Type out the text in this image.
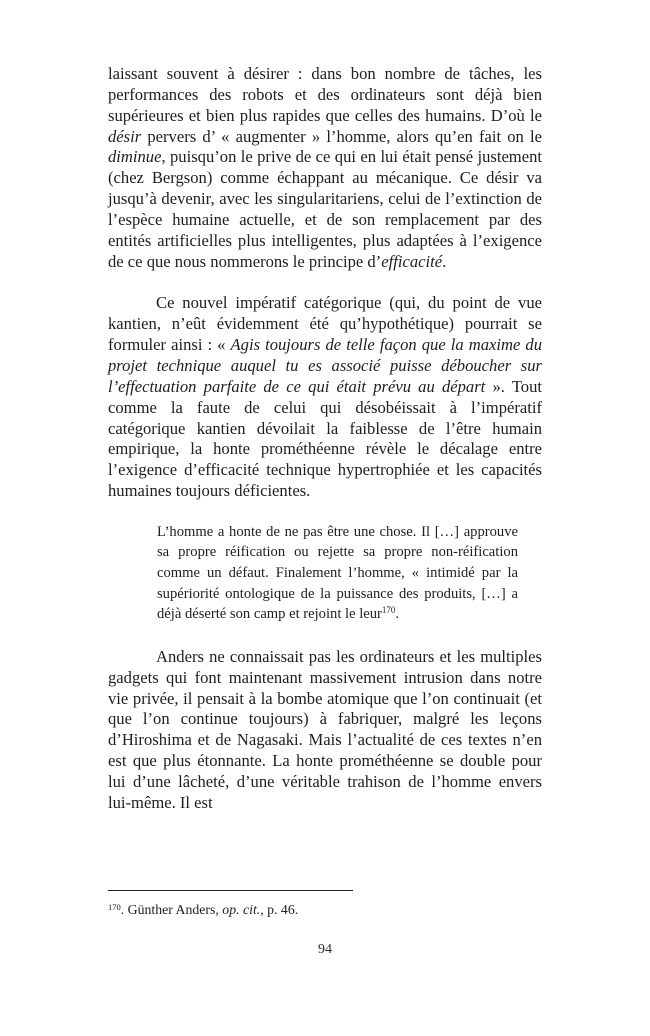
laissant souvent à désirer : dans bon nombre de tâches, les performances des robots et des ordinateurs sont déjà bien supérieures et bien plus rapides que celles des humains. D’où le désir pervers d’ « augmenter » l’homme, alors qu’en fait on le diminue, puisqu’on le prive de ce qui en lui était pensé justement (chez Bergson) comme échappant au mécanique. Ce désir va jusqu’à devenir, avec les singularitariens, celui de l’extinction de l’espèce humaine actuelle, et de son remplacement par des entités artificielles plus intelligentes, plus adaptées à l’exigence de ce que nous nommerons le principe d’efficacité.

Ce nouvel impératif catégorique (qui, du point de vue kantien, n’eût évidemment été qu’hypothétique) pourrait se formuler ainsi : « Agis toujours de telle façon que la maxime du projet technique auquel tu es associé puisse déboucher sur l’effectuation parfaite de ce qui était prévu au départ ». Tout comme la faute de celui qui désobéissait à l’impératif catégorique kantien dévoilait la faiblesse de l’être humain empirique, la honte prométhéenne révèle le décalage entre l’exigence d’efficacité technique hypertrophiée et les capacités humaines toujours déficientes.

L’homme a honte de ne pas être une chose. Il […] approuve sa propre réification ou rejette sa propre non-réification comme un défaut. Finalement l’homme, « intimidé par la supériorité ontologique de la puissance des produits, […] a déjà déserté son camp et rejoint le leur$^{170}$.

Anders ne connaissait pas les ordinateurs et les multiples gadgets qui font maintenant massivement intrusion dans notre vie privée, il pensait à la bombe atomique que l’on continuait (et que l’on continue toujours) à fabriquer, malgré les leçons d’Hiroshima et de Nagasaki. Mais l’actualité de ces textes n’en est que plus étonnante. La honte prométhéenne se double pour lui d’une lâcheté, d’une véritable trahison de l’homme envers lui-même. Il est

$^{170}$. Günther Anders, op. cit., p. 46.
94
